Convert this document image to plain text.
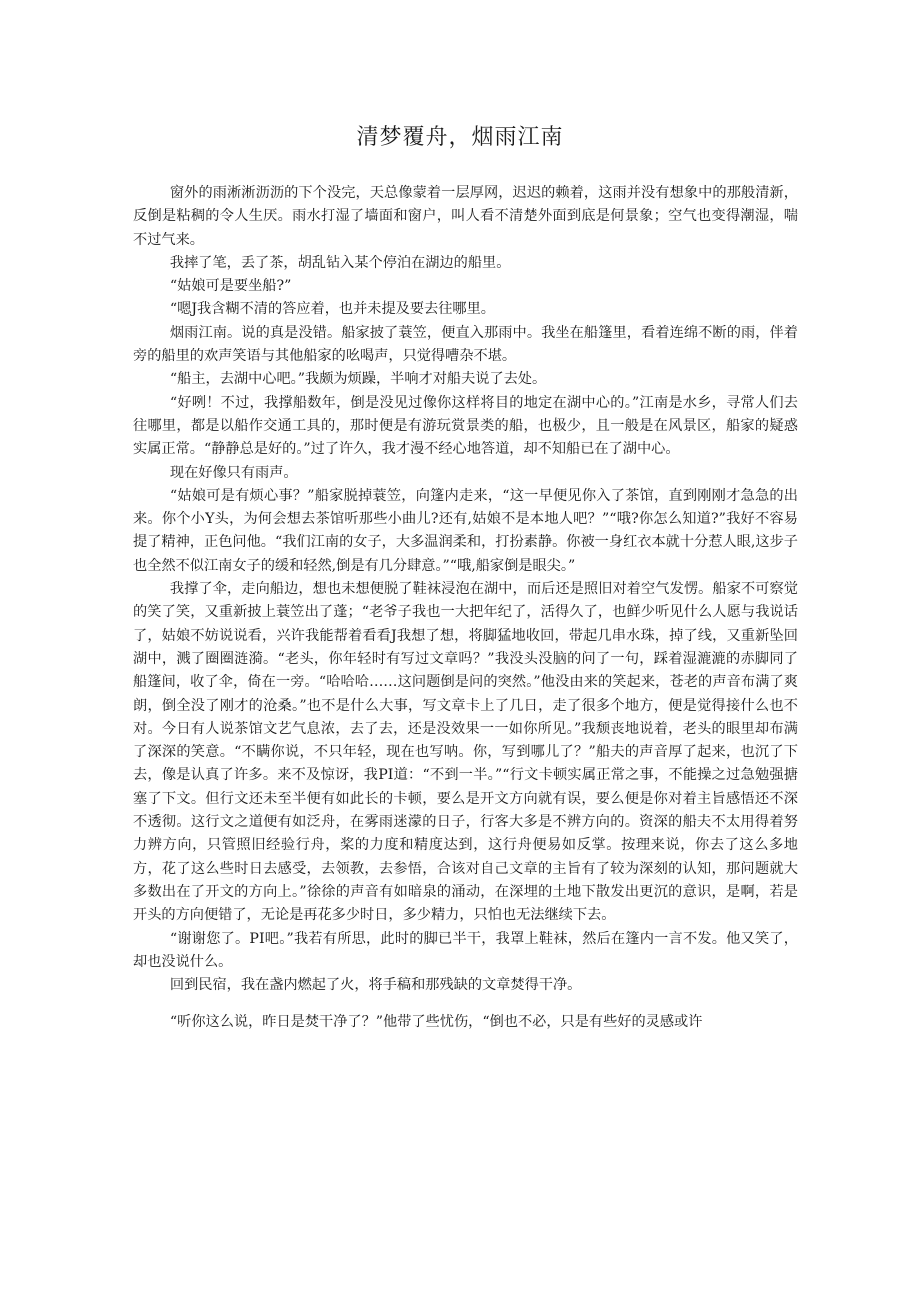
清梦覆舟，烟雨江南

窗外的雨淅淅沥沥的下个没完，天总像蒙着一层厚网，迟迟的赖着，这雨并没有想象中的那般清新，反倒是粘稠的令人生厌。雨水打湿了墙面和窗户，叫人看不清楚外面到底是何景象；空气也变得潮湿，喘不过气来。

我摔了笔，丢了茶，胡乱钻入某个停泊在湖边的船里。

“姑娘可是要坐船?”

“嗯J我含糊不清的答应着，也并未提及要去往哪里。

烟雨江南。说的真是没错。船家披了蓑笠，便直入那雨中。我坐在船篷里，看着连绵不断的雨，伴着旁的船里的欢声笑语与其他船家的吆喝声，只觉得嘈杂不堪。

“船主，去湖中心吧。”我颇为烦躁，半响才对船夫说了去处。

“好咧！不过，我撑船数年，倒是没见过像你这样将目的地定在湖中心的。”江南是水乡，寻常人们去往哪里，都是以船作交通工具的，那时便是有游玩赏景类的船，也极少，且一般是在风景区，船家的疑惑实属正常。“静静总是好的。”过了许久，我才漫不经心地答道，却不知船已在了湖中心。

现在好像只有雨声。

“姑娘可是有烦心事？”船家脱掉蓑笠，向篷内走来，“这一早便见你入了茶馆，直到刚刚才急急的出来。你个小Y头，为何会想去茶馆听那些小曲儿?还有,姑娘不是本地人吧？”“哦?你怎么知道?”我好不容易提了精神，正色问他。“我们江南的女子，大多温润柔和，打扮素静。你被一身红衣本就十分惹人眼,这步子也全然不似江南女子的缓和轻然,倒是有几分肆意。”“哦,船家倒是眼尖。”

我撑了伞，走向船边，想也未想便脱了鞋袜浸泡在湖中，而后还是照旧对着空气发愣。船家不可察觉的笑了笑，又重新披上蓑笠出了蓬；“老爷子我也一大把年纪了，活得久了，也鲜少听见什么人愿与我说话了，姑娘不妨说说看，兴许我能帮着看看J我想了想，将脚猛地收回，带起几串水珠，掉了线，又重新坠回湖中，溅了圈圈涟漪。“老头，你年轻时有写过文章吗？”我没头没脑的问了一句，踩着湿漉漉的赤脚同了船篷间，收了伞，倚在一旁。“哈哈哈……这问题倒是问的突然。”他没由来的笑起来，苍老的声音布满了爽朗，倒全没了刚才的沧桑。”也不是什么大事，写文章卡上了几日，走了很多个地方，便是觉得接什么也不对。今日有人说茶馆文艺气息浓，去了去，还是没效果一一如你所见。”我颓丧地说着，老头的眼里却布满了深深的笑意。“不瞒你说，不只年轻，现在也写呐。你，写到哪儿了？”船夫的声音厚了起来，也沉了下去，像是认真了许多。来不及惊讶，我PI道：“不到一半。”“行文卡顿实属正常之事，不能操之过急勉强搪塞了下文。但行文还未至半便有如此长的卡顿，要么是开文方向就有误，要么便是你对着主旨感悟还不深不透彻。这行文之道便有如泛舟，在雾雨迷濛的日子，行客大多是不辨方向的。资深的船夫不太用得着努力辨方向，只管照旧经验行舟，桨的力度和精度达到，这行舟便易如反掌。按理来说，你去了这么多地方，花了这么些时日去感受，去领教，去参悟，合该对自己文章的主旨有了较为深刻的认知，那问题就大多数出在了开文的方向上。”徐徐的声音有如暗泉的涌动，在深埋的土地下散发出更沉的意识，是啊，若是开头的方向便错了，无论是再花多少时日，多少精力，只怕也无法继续下去。

“谢谢您了。PI吧。”我若有所思，此时的脚已半干，我罩上鞋袜，然后在篷内一言不发。他又笑了，却也没说什么。

回到民宿，我在盏内燃起了火，将手稿和那残缺的文章焚得干净。

“听你这么说，昨日是焚干净了？”他带了些忧伤，“倒也不必，只是有些好的灵感或许
